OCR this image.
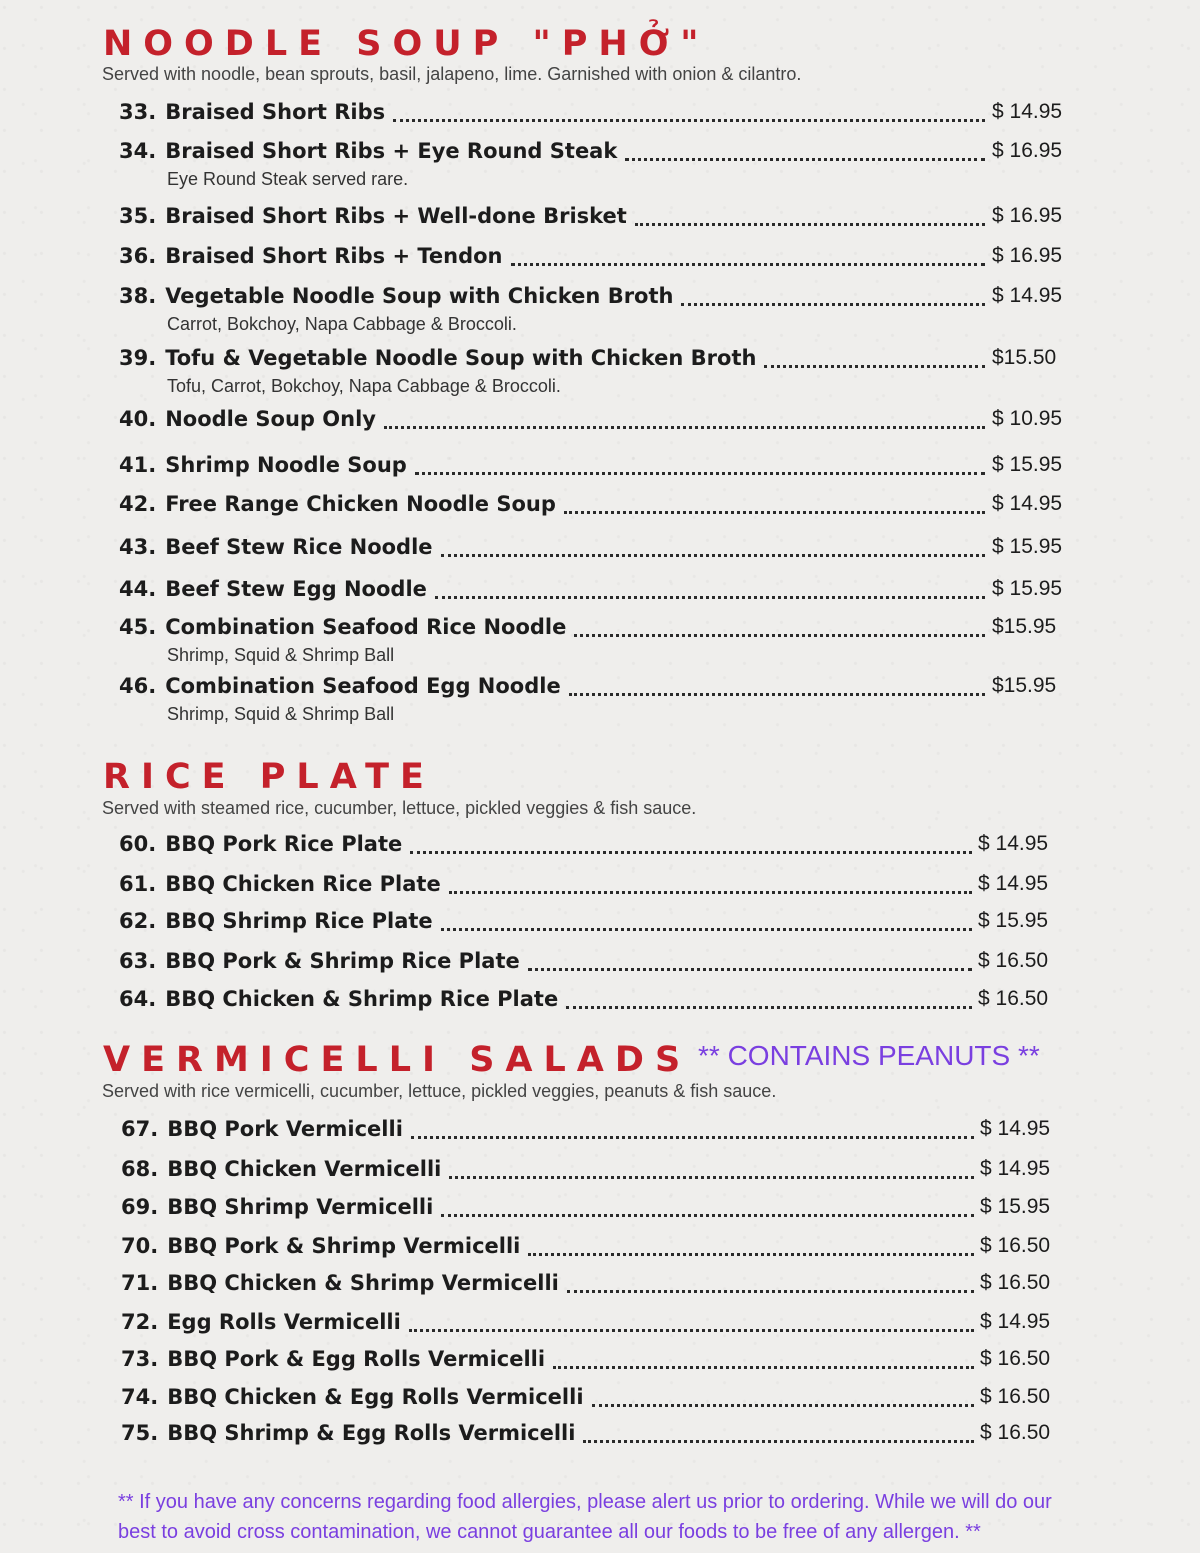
NOODLE SOUP "PHỞ"
Served with noodle, bean sprouts, basil, jalapeno, lime. Garnished with onion & cilantro.
33. Braised Short Ribs	$ 14.95
34. Braised Short Ribs + Eye Round Steak	$ 16.95
Eye Round Steak served rare.
35. Braised Short Ribs + Well-done Brisket	$ 16.95
36. Braised Short Ribs + Tendon	$ 16.95
38. Vegetable Noodle Soup with Chicken Broth	$ 14.95
Carrot, Bokchoy, Napa Cabbage & Broccoli.
39. Tofu & Vegetable Noodle Soup with Chicken Broth	$15.50
Tofu, Carrot, Bokchoy, Napa Cabbage & Broccoli.
40. Noodle Soup Only	$ 10.95
41. Shrimp Noodle Soup	$ 15.95
42. Free Range Chicken Noodle Soup	$ 14.95
43. Beef Stew Rice Noodle	$ 15.95
44. Beef Stew Egg Noodle	$ 15.95
45. Combination Seafood Rice Noodle	$15.95
Shrimp, Squid & Shrimp Ball
46. Combination Seafood Egg Noodle	$15.95
Shrimp, Squid & Shrimp Ball
RICE PLATE
Served with steamed rice, cucumber, lettuce, pickled veggies & fish sauce.
60. BBQ Pork Rice Plate	$ 14.95
61. BBQ Chicken Rice Plate	$ 14.95
62. BBQ Shrimp Rice Plate	$ 15.95
63. BBQ Pork & Shrimp Rice Plate	$ 16.50
64. BBQ Chicken & Shrimp Rice Plate	$ 16.50
VERMICELLI SALADS ** CONTAINS PEANUTS **
Served with rice vermicelli, cucumber, lettuce, pickled veggies, peanuts & fish sauce.
67. BBQ Pork Vermicelli	$ 14.95
68. BBQ Chicken Vermicelli	$ 14.95
69. BBQ Shrimp Vermicelli	$ 15.95
70. BBQ Pork & Shrimp Vermicelli	$ 16.50
71. BBQ Chicken & Shrimp Vermicelli	$ 16.50
72. Egg Rolls Vermicelli	$ 14.95
73. BBQ Pork & Egg Rolls Vermicelli	$ 16.50
74. BBQ Chicken & Egg Rolls Vermicelli	$ 16.50
75. BBQ Shrimp & Egg Rolls Vermicelli	$ 16.50
** If you have any concerns regarding food allergies, please alert us prior to ordering. While we will do our
best to avoid cross contamination, we cannot guarantee all our foods to be free of any allergen. **
